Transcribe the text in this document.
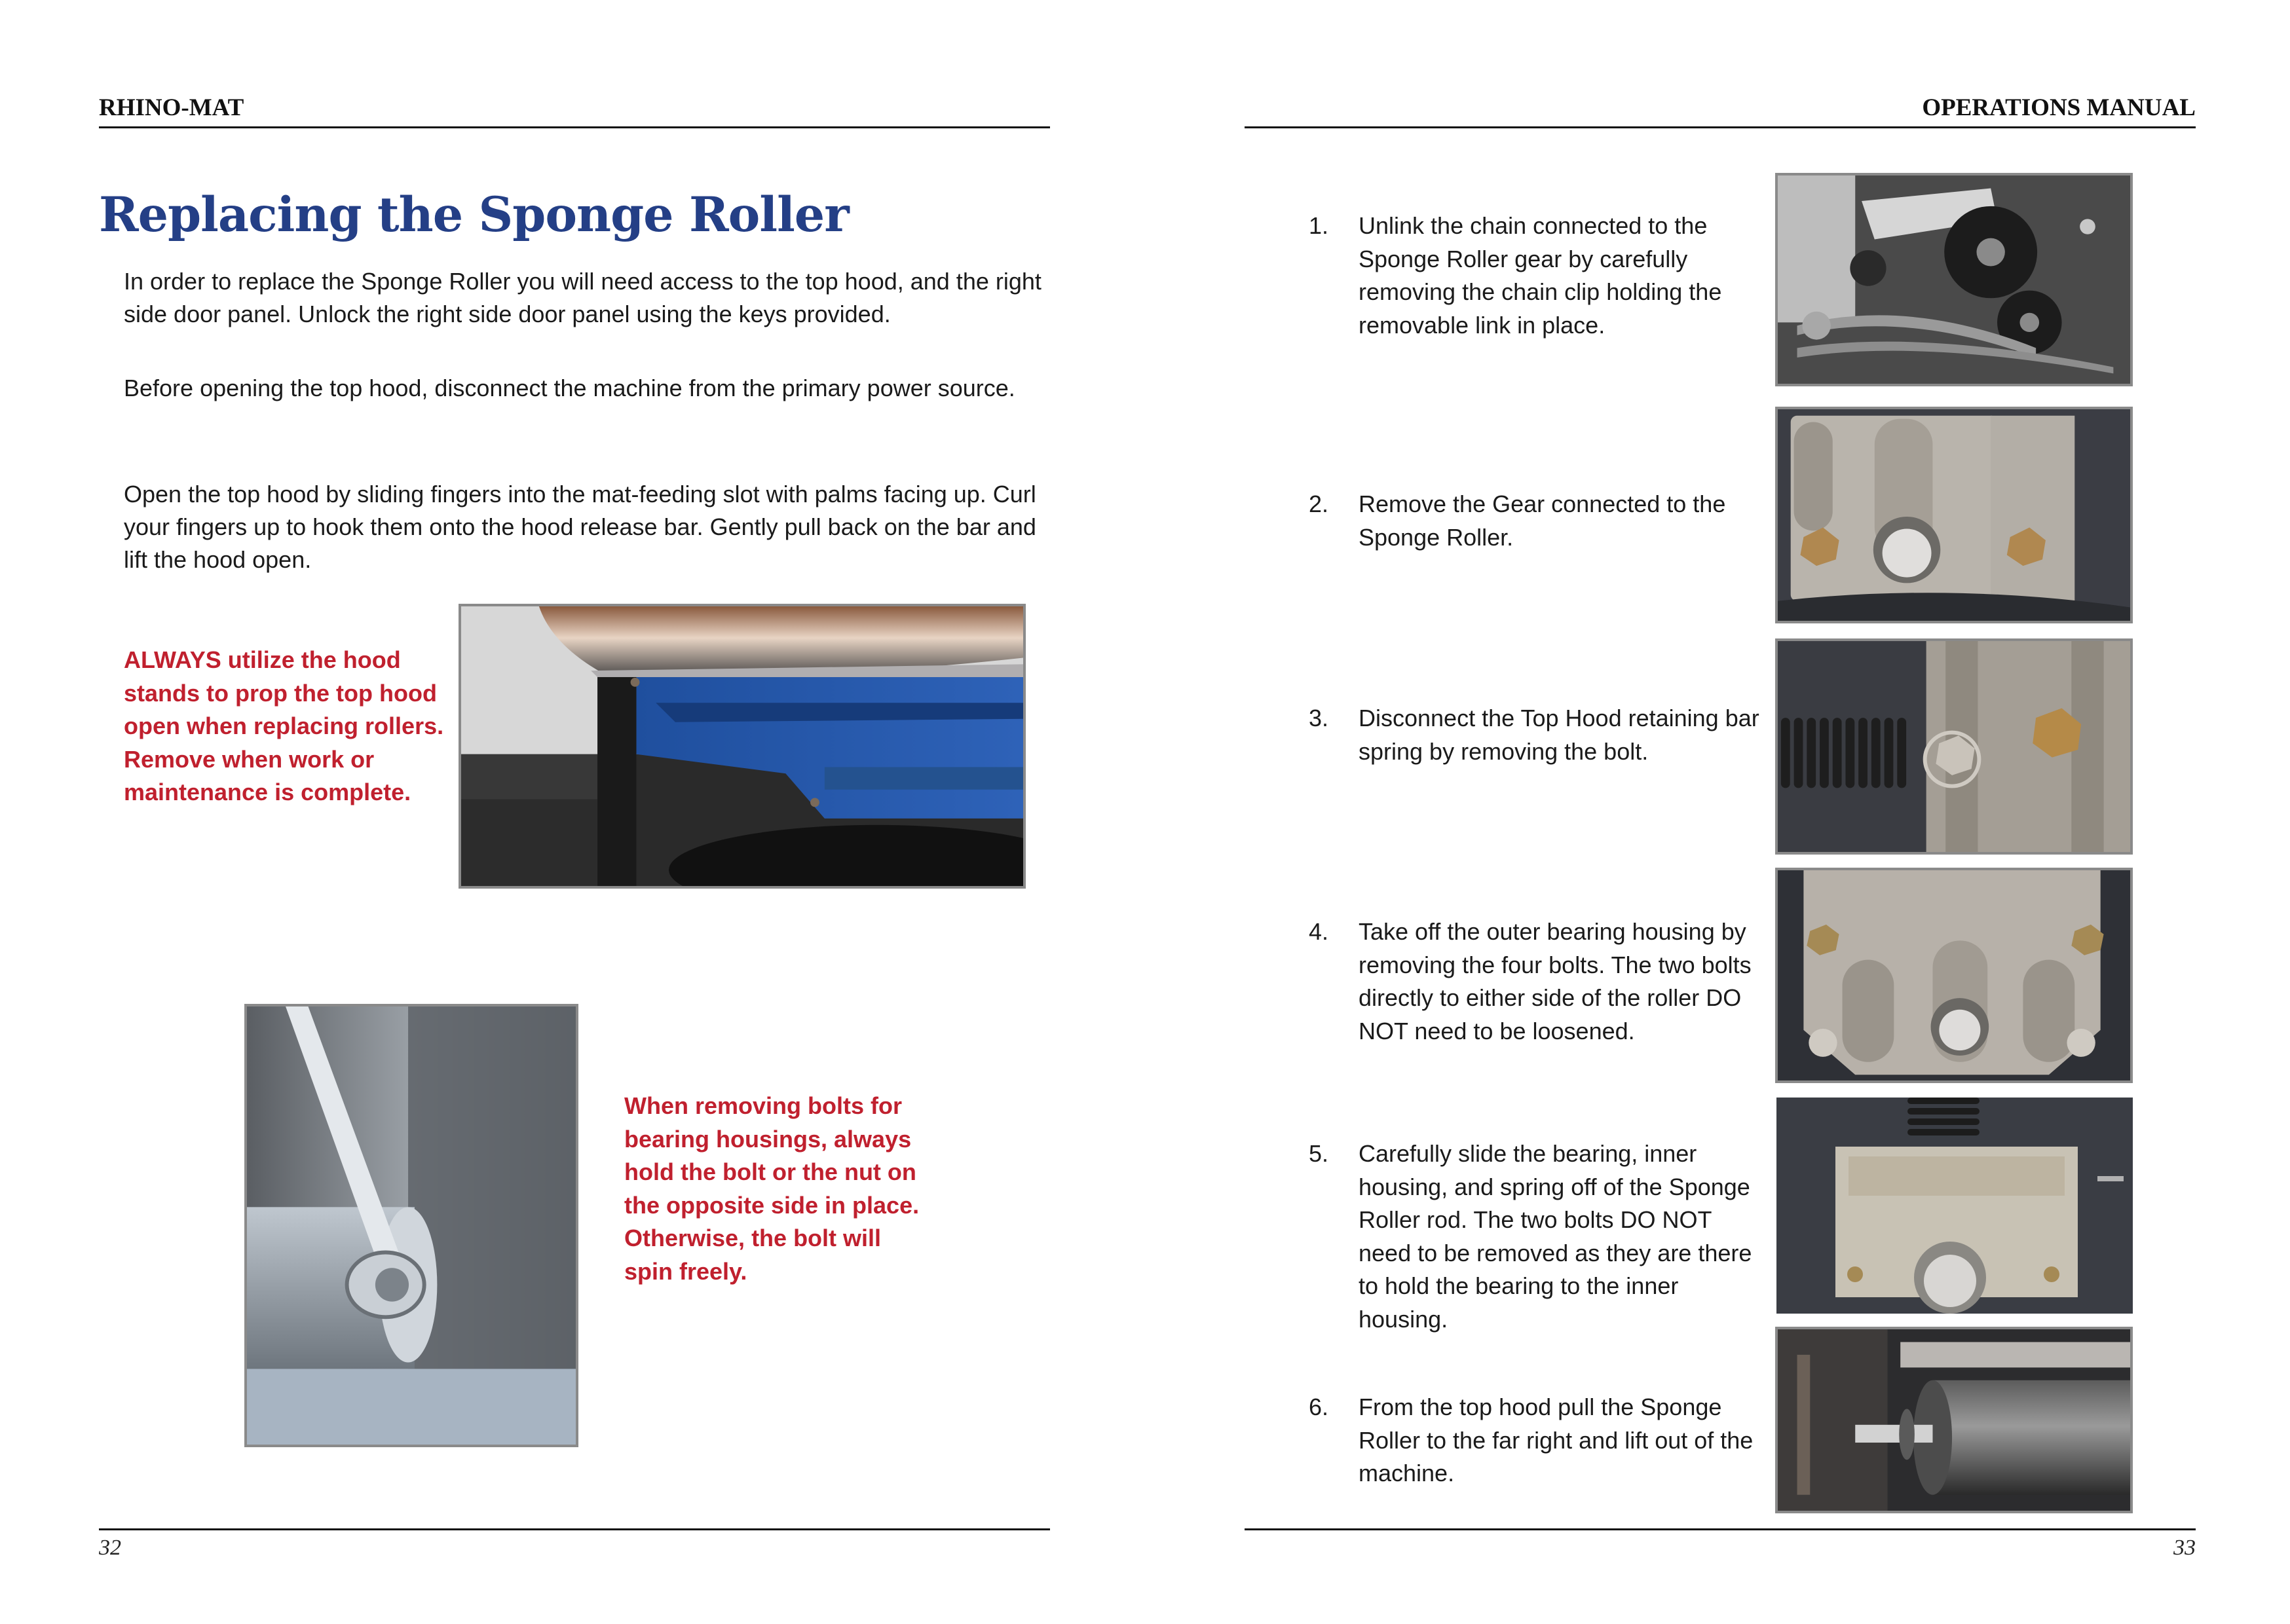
RHINO-MAT
Replacing the Sponge Roller
In order to replace the Sponge Roller you will need access to the top hood, and the right side door panel. Unlock the right side door panel using the keys provided.
Before opening the top hood, disconnect the machine from the primary power source.
Open the top hood by sliding fingers into the mat-feeding slot with palms facing up. Curl your fingers up to hook them onto the hood release bar. Gently pull back on the bar and lift the hood open.
ALWAYS utilize the hood stands to prop the top hood open when replacing rollers. Remove when work or maintenance is complete.
When removing bolts for bearing housings, always hold the bolt or the nut on the opposite side in place. Otherwise, the bolt will spin freely.
32
OPERATIONS MANUAL
1. Unlink the chain connected to the Sponge Roller gear by carefully removing the chain clip holding the removable link in place.
2. Remove the Gear connected to the Sponge Roller.
3. Disconnect the Top Hood retaining bar spring by removing the bolt.
4. Take off the outer bearing housing by removing the four bolts. The two bolts directly to either side of the roller DO NOT need to be loosened.
5. Carefully slide the bearing, inner housing, and spring off of the Sponge Roller rod. The two bolts DO NOT need to be removed as they are there to hold the bearing to the inner housing.
6. From the top hood pull the Sponge Roller to the far right and lift out of the machine.
33
